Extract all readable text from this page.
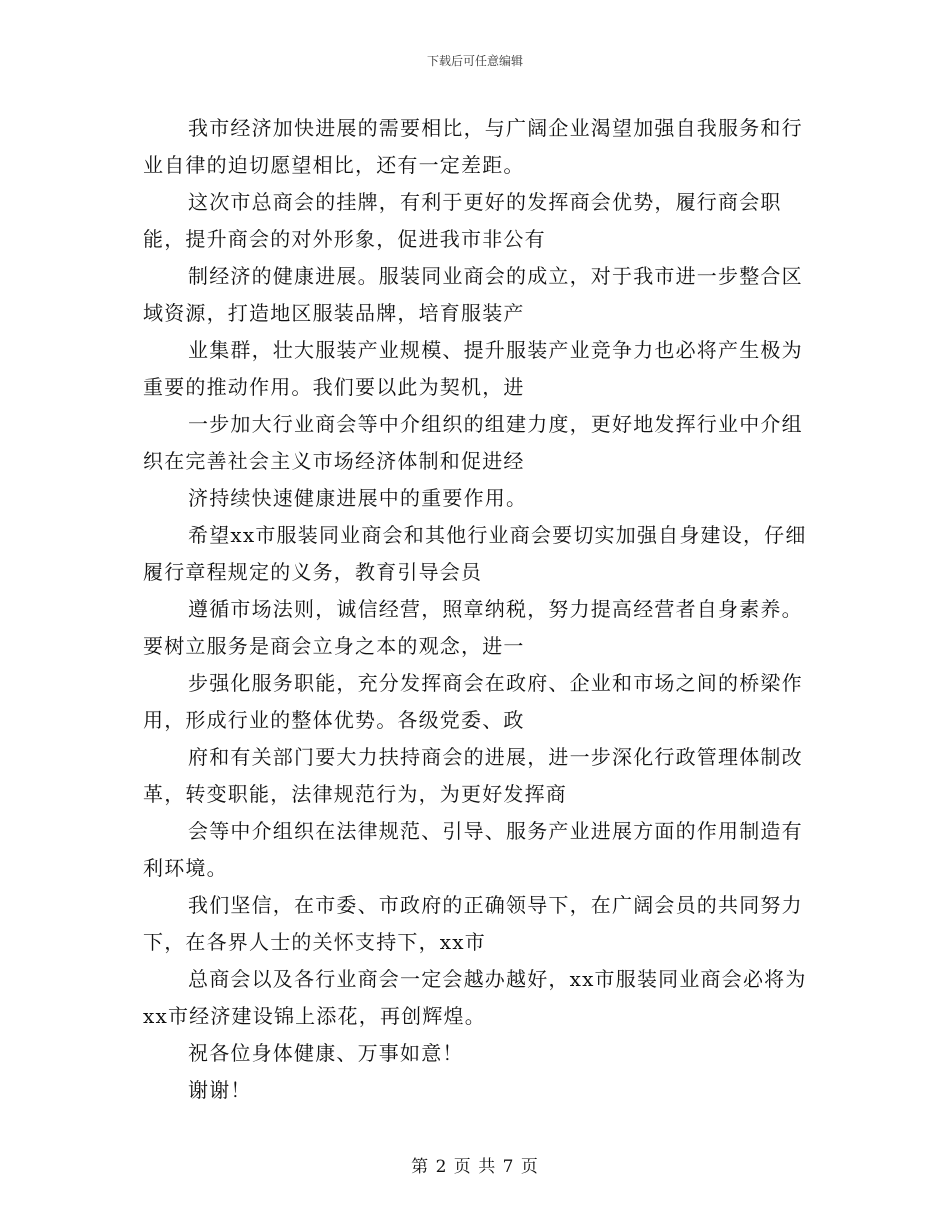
下载后可任意编辑

我市经济加快进展的需要相比，与广阔企业渴望加强自我服务和行业自律的迫切愿望相比，还有一定差距。

这次市总商会的挂牌，有利于更好的发挥商会优势，履行商会职能，提升商会的对外形象，促进我市非公有

制经济的健康进展。服装同业商会的成立，对于我市进一步整合区域资源，打造地区服装品牌，培育服装产

业集群，壮大服装产业规模、提升服装产业竞争力也必将产生极为重要的推动作用。我们要以此为契机，进

一步加大行业商会等中介组织的组建力度，更好地发挥行业中介组织在完善社会主义市场经济体制和促进经

济持续快速健康进展中的重要作用。

希望xx市服装同业商会和其他行业商会要切实加强自身建设，仔细履行章程规定的义务，教育引导会员

遵循市场法则，诚信经营，照章纳税，努力提高经营者自身素养。要树立服务是商会立身之本的观念，进一

步强化服务职能，充分发挥商会在政府、企业和市场之间的桥梁作用，形成行业的整体优势。各级党委、政

府和有关部门要大力扶持商会的进展，进一步深化行政管理体制改革，转变职能，法律规范行为，为更好发挥商

会等中介组织在法律规范、引导、服务产业进展方面的作用制造有利环境。

我们坚信，在市委、市政府的正确领导下，在广阔会员的共同努力下，在各界人士的关怀支持下，xx市

总商会以及各行业商会一定会越办越好，xx市服装同业商会必将为xx市经济建设锦上添花，再创辉煌。

祝各位身体健康、万事如意！

谢谢！

第 2 页 共 7 页
